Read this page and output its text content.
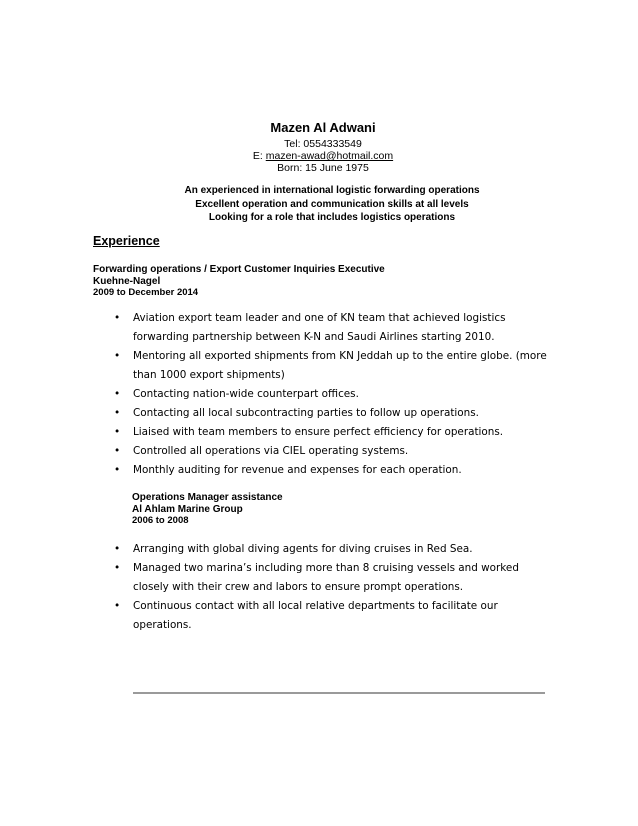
Mazen Al Adwani
Tel: 0554333549
E: mazen-awad@hotmail.com
Born: 15 June 1975
An experienced in international logistic forwarding operations
Excellent operation and communication skills at all levels
Looking for a role that includes logistics operations
Experience
Forwarding operations / Export Customer Inquiries Executive
Kuehne-Nagel
2009 to December 2014
• Aviation export team leader and one of KN team that achieved logistics forwarding partnership between K-N and Saudi Airlines starting 2010.
• Mentoring all exported shipments from KN Jeddah up to the entire globe. (more than 1000 export shipments)
• Contacting nation-wide counterpart offices.
• Contacting all local subcontracting parties to follow up operations.
• Liaised with team members to ensure perfect efficiency for operations.
• Controlled all operations via CIEL operating systems.
• Monthly auditing for revenue and expenses for each operation.
Operations Manager assistance
Al Ahlam Marine Group
2006 to 2008
• Arranging with global diving agents for diving cruises in Red Sea.
• Managed two marina’s including more than 8 cruising vessels and worked closely with their crew and labors to ensure prompt operations.
• Continuous contact with all local relative departments to facilitate our operations.
